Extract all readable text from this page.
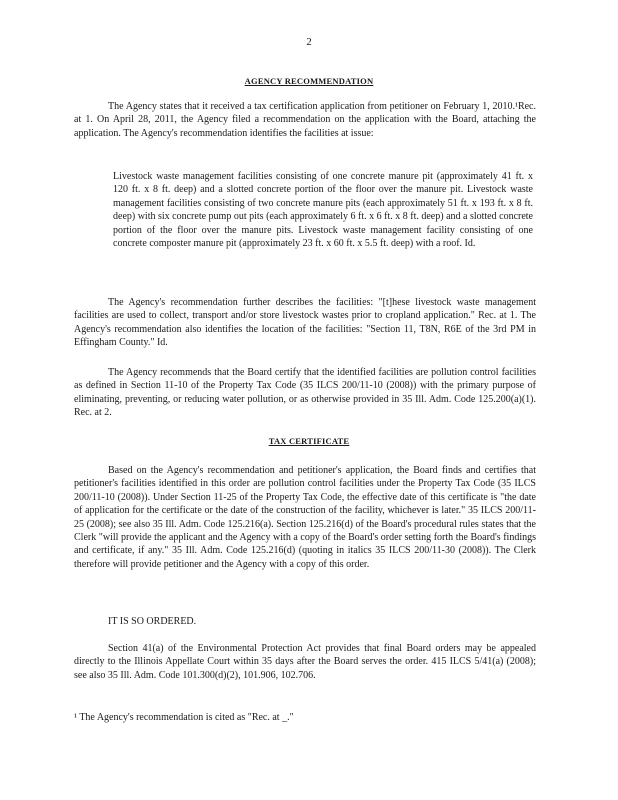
2
AGENCY RECOMMENDATION

The Agency states that it received a tax certification application from petitioner on February 1, 2010.¹Rec. at 1. On April 28, 2011, the Agency filed a recommendation on the application with the Board, attaching the application. The Agency's recommendation identifies the facilities at issue:

Livestock waste management facilities consisting of one concrete manure pit (approximately 41 ft. x 120 ft. x 8 ft. deep) and a slotted concrete portion of the floor over the manure pit. Livestock waste management facilities consisting of two concrete manure pits (each approximately 51 ft. x 193 ft. x 8 ft. deep) with six concrete pump out pits (each approximately 6 ft. x 6 ft. x 8 ft. deep) and a slotted concrete portion of the floor over the manure pits. Livestock waste management facility consisting of one concrete composter manure pit (approximately 23 ft. x 60 ft. x 5.5 ft. deep) with a roof. Id.

The Agency's recommendation further describes the facilities: "[t]hese livestock waste management facilities are used to collect, transport and/or store livestock wastes prior to cropland application." Rec. at 1. The Agency's recommendation also identifies the location of the facilities: "Section 11, T8N, R6E of the 3rd PM in Effingham County." Id.

The Agency recommends that the Board certify that the identified facilities are pollution control facilities as defined in Section 11-10 of the Property Tax Code (35 ILCS 200/11-10 (2008)) with the primary purpose of eliminating, preventing, or reducing water pollution, or as otherwise provided in 35 Ill. Adm. Code 125.200(a)(1). Rec. at 2.

TAX CERTIFICATE

Based on the Agency's recommendation and petitioner's application, the Board finds and certifies that petitioner's facilities identified in this order are pollution control facilities under the Property Tax Code (35 ILCS 200/11-10 (2008)). Under Section 11-25 of the Property Tax Code, the effective date of this certificate is "the date of application for the certificate or the date of the construction of the facility, whichever is later." 35 ILCS 200/11-25 (2008); see also 35 Ill. Adm. Code 125.216(a). Section 125.216(d) of the Board's procedural rules states that the Clerk "will provide the applicant and the Agency with a copy of the Board's order setting forth the Board's findings and certificate, if any." 35 Ill. Adm. Code 125.216(d) (quoting in italics 35 ILCS 200/11-30 (2008)). The Clerk therefore will provide petitioner and the Agency with a copy of this order.

IT IS SO ORDERED.

Section 41(a) of the Environmental Protection Act provides that final Board orders may be appealed directly to the Illinois Appellate Court within 35 days after the Board serves the order. 415 ILCS 5/41(a) (2008); see also 35 Ill. Adm. Code 101.300(d)(2), 101.906, 102.706.

¹ The Agency's recommendation is cited as "Rec. at _."
